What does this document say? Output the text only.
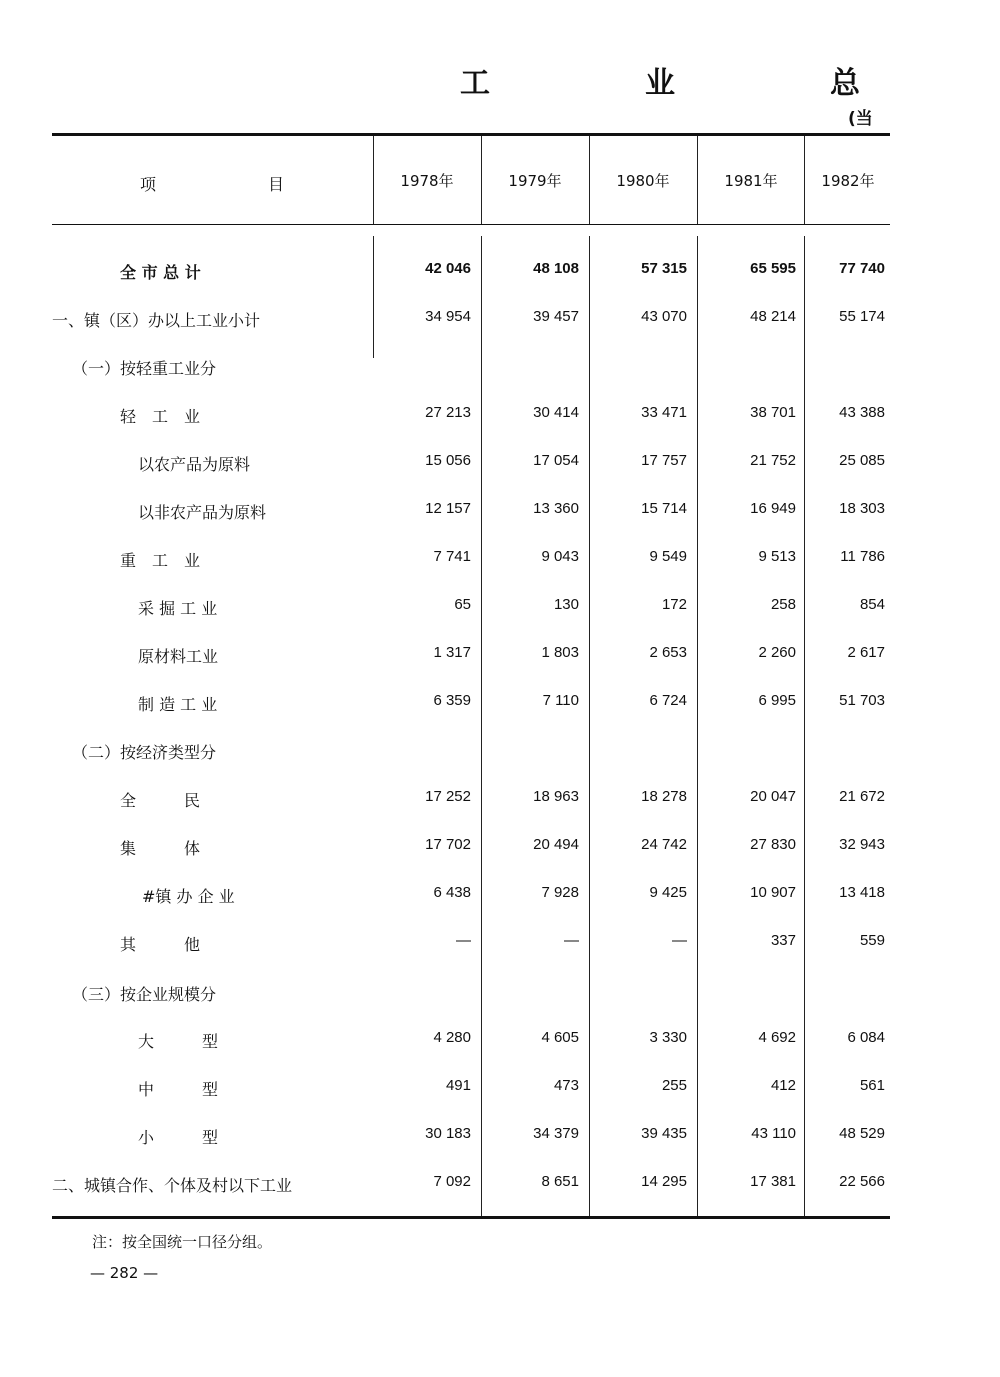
工	业	总
(当
项　　　　　　　目	1978年	1979年	1980年	1981年	1982年
全 市 总 计	42 046	48 108	57 315	65 595	77 740
一、镇（区）办以上工业小计	34 954	39 457	43 070	48 214	55 174
（一）按轻重工业分
轻　工　业	27 213	30 414	33 471	38 701	43 388
以农产品为原料	15 056	17 054	17 757	21 752	25 085
以非农产品为原料	12 157	13 360	15 714	16 949	18 303
重　工　业	7 741	9 043	9 549	9 513	11 786
采 掘 工 业	65	130	172	258	854
原材料工业	1 317	1 803	2 653	2 260	2 617
制 造 工 业	6 359	7 110	6 724	6 995	51 703
（二）按经济类型分
全　　　民	17 252	18 963	18 278	20 047	21 672
集　　　体	17 702	20 494	24 742	27 830	32 943
#镇 办 企 业	6 438	7 928	9 425	10 907	13 418
其　　　他	—	—	—	337	559
（三）按企业规模分
大　　　型	4 280	4 605	3 330	4 692	6 084
中　　　型	491	473	255	412	561
小　　　型	30 183	34 379	39 435	43 110	48 529
二、城镇合作、个体及村以下工业	7 092	8 651	14 295	17 381	22 566
注：按全国统一口径分组。
— 282 —
